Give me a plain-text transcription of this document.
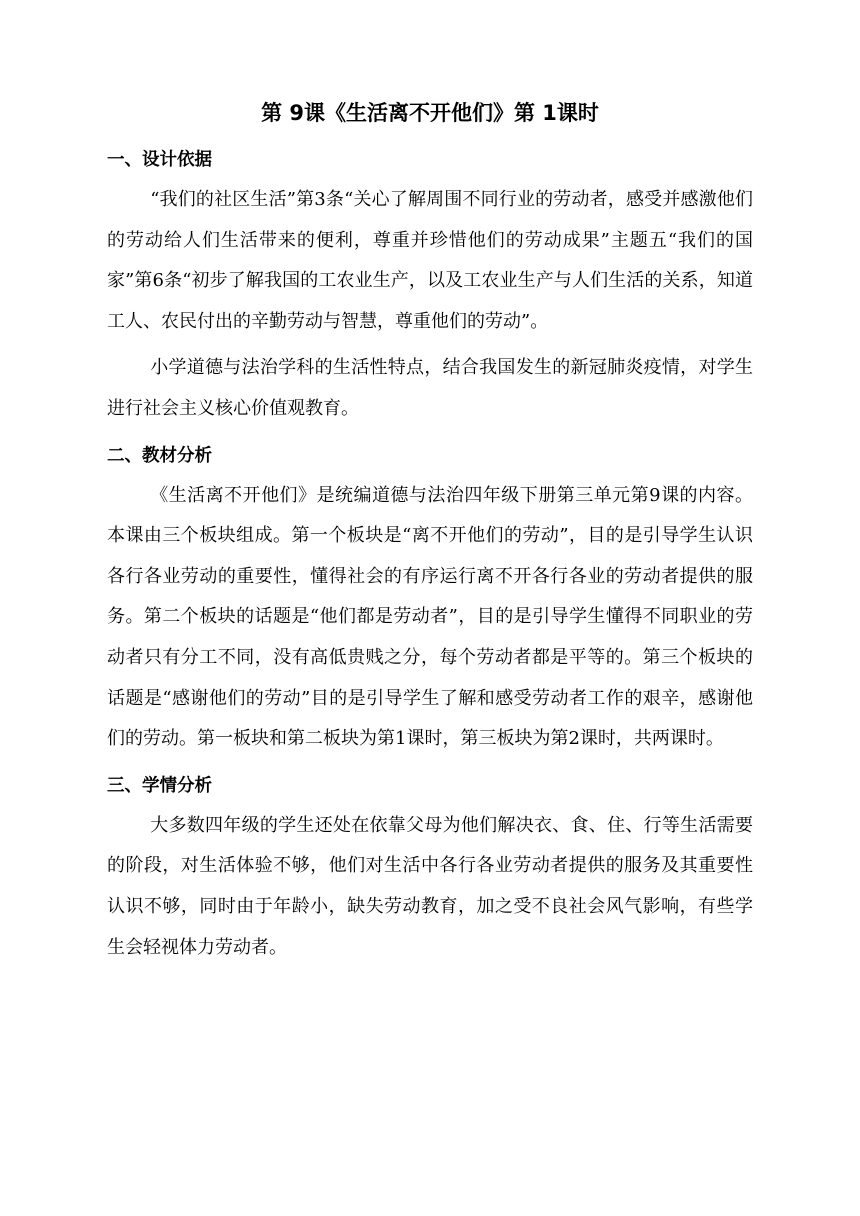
第 9课《生活离不开他们》第 1课时
一、设计依据

“我们的社区生活”第3条“关心了解周围不同行业的劳动者，感受并感激他们的劳动给人们生活带来的便利，尊重并珍惜他们的劳动成果”主题五“我们的国家”第6条“初步了解我国的工农业生产，以及工农业生产与人们生活的关系，知道工人、农民付出的辛勤劳动与智慧，尊重他们的劳动”。

小学道德与法治学科的生活性特点，结合我国发生的新冠肺炎疫情，对学生进行社会主义核心价值观教育。

二、教材分析

《生活离不开他们》是统编道德与法治四年级下册第三单元第9课的内容。本课由三个板块组成。第一个板块是“离不开他们的劳动”，目的是引导学生认识各行各业劳动的重要性，懂得社会的有序运行离不开各行各业的劳动者提供的服务。第二个板块的话题是“他们都是劳动者”，目的是引导学生懂得不同职业的劳动者只有分工不同，没有高低贵贱之分，每个劳动者都是平等的。第三个板块的话题是“感谢他们的劳动”目的是引导学生了解和感受劳动者工作的艰辛，感谢他们的劳动。第一板块和第二板块为第1课时，第三板块为第2课时，共两课时。

三、学情分析

大多数四年级的学生还处在依靠父母为他们解决衣、食、住、行等生活需要的阶段，对生活体验不够，他们对生活中各行各业劳动者提供的服务及其重要性认识不够，同时由于年龄小，缺失劳动教育，加之受不良社会风气影响，有些学生会轻视体力劳动者。
